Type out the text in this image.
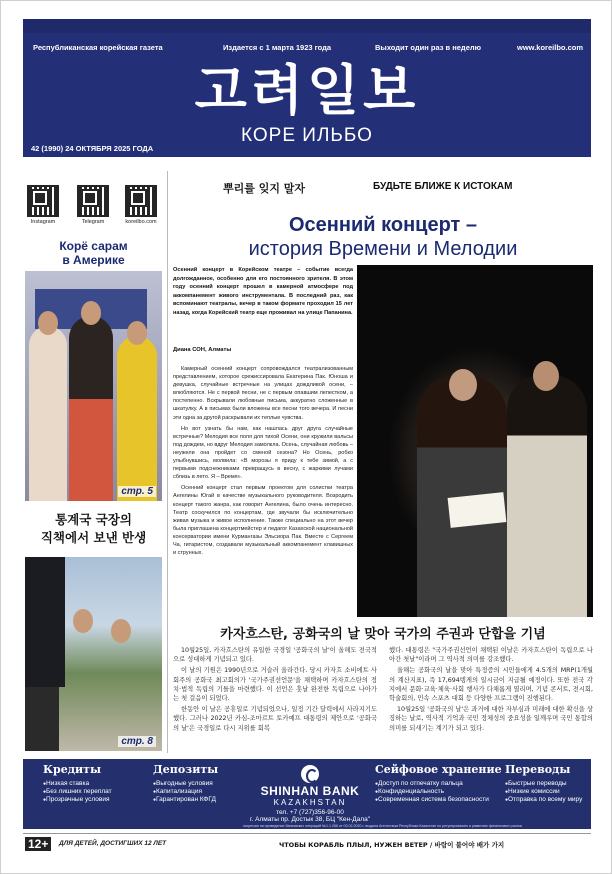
Республиканская корейская газета	Издается с 1 марта 1923 года	Выходит один раз в неделю	www.koreilbo.com
고려일보
КОРЕ ИЛЬБО
42 (1990) 24 ОКТЯБРЯ 2025 ГОДА
뿌리를 잊지 말자	БУДЬТЕ БЛИЖЕ К ИСТОКАМ
Instagram	Telegram	koreilbo.com
Корё сарам
в Америке
стр. 5
통계국 국장의
직책에서 보낸 반생
стр. 8
Осенний концерт –
история Времени и Мелодии
Осенний концерт в Корейском театре – событие всегда долгожданное, особенно для его постоянного зрителя. В этом году осенний концерт прошел в камерной атмосфере под аккомпанемент живого инструментала. В последний раз, как вспоминают театралы, вечер в таком формате проходил 15 лет назад, когда Корейский театр еще проживал на улице Папанина.
Диана СОН, Алматы

Камерный осенний концерт сопровождался театрализованным представлением, которое срежиссировала Екатерина Пак. Юноша и девушка, случайные встречные на улицах дождливой осени, – влюбляются. Не с первой песни, не с первым опавшим лепестком, а постепенно. Вскрывали любовные письма, аккуратно сложенные в шкатулку. А в письмах были вложены все песни того вечера. И песни эти одна за другой раскрывали их теплые чувства.

Но вот узнать бы нам, как нашлась друг друга случайные встречные? Мелодия все поля для тихой Осени, они кружили вальсы под дождем, но вдруг Мелодия замолкла. Осень, случайная любовь – неужели она пройдет со сменой сезона? Но Осень, робко улыбнувшись, молвила: «В морозы я приду к тебе зимой, а с первыми подснежниками превращусь в весну, с жаркими лучами сблизь в лето. Я – Время».

Осенний концерт стал первым проектом для солистки театра Ангелины Югай в качестве музыкального руководителя. Возродить концерт такого жанра, как говорит Ангелина, было очень интересно. Театр соскучился по концертам, где звучали бы исключительно живая музыка и живое исполнение. Также специально на этот вечер была приглашена концертмейстер и педагог Казахской национальной консерватории имени Курмангазы Эльсиора Пак. Вместе с Сергеем Ча, гитаристом, создавали музыкальный аккомпанемент клавишных и струнных.

카자흐스탄, 공화국의 날 맞아 국가의 주권과 단합을 기념

10월25일, 카자흐스탄의 유일한 국경일 '공화국의 날'이 올해도 전국적으로 성대하게 기념되고 있다.

이 날의 기원은 1990년으로 거슬러 올라간다. 당시 카자흐 소비에트 사회주의 공화국 최고회의가 '국가주권선언문'을 채택하며 카자흐스탄의 정치·법적 독립의 기틀을 마련했다. 이 선언은 훗날 완전한 독립으로 나아가는 첫 걸음이 되었다.

한동안 이 날은 공휴일로 기념되었으나, 일정 기간 달력에서 사라지기도 했다. 그러나 2022년 카심-조마르트 토카예프 대통령의 제안으로 '공화국의 날'은 국경일로 다시 지위를 회복

했다. 대통령은 "국가주권선언이 채택된 이날은 카자흐스탄이 독립으로 나아간 첫날"이라며 그 역사적 의미를 강조했다.

올해는 공화국의 날을 맞아 특정증의 시민들에게 4.5개의 MRP(1개월의 계산지표), 즉 17,694텡게의 일시금이 지급될 예정이다. 또한 전국 각지에서 문화·교육·체육·사회 행사가 다채롭게 열리며, 기념 콘서트, 전시회, 학술회의, 민속 스포츠 대회 등 다양한 프로그램이 진행된다.

10월25일 '공화국의 날'은 과거에 대한 자부심과 미래에 대한 확신을 상징하는 날로, 역사적 기억과 국민 정체성의 중요성을 일깨우며 국민 통합의 의미를 되새기는 계기가 되고 있다.

Кредиты
● Низкая ставка
● Без лишних переплат
● Прозрачные условия
Депозиты
● Выгодные условия
● Капитализация
● Гарантирован КФГД
SHINHAN BANK
KAZAKHSTAN
тел. +7 (727)356-96-00
г. Алматы пр. Достык 38, БЦ "Кен-Дала"
Сейфовое хранение
● Доступ по отпечатку пальца
● Конфиденциальность
● Современная система безопасности
Переводы
● Быстрые переводы
● Низкие комиссии
● Отправка по всему миру
лицензия на проведение банковских операций №1.1.266 от 03.02.2020 г. выдана Агентством Республики Казахстан по регулированию и развитию финансового рынка
12+	ДЛЯ ДЕТЕЙ, ДОСТИГШИХ 12 ЛЕТ	ЧТОБЫ КОРАБЛЬ ПЛЫЛ, НУЖЕН ВЕТЕР / 바람이 불어야 배가 가지
